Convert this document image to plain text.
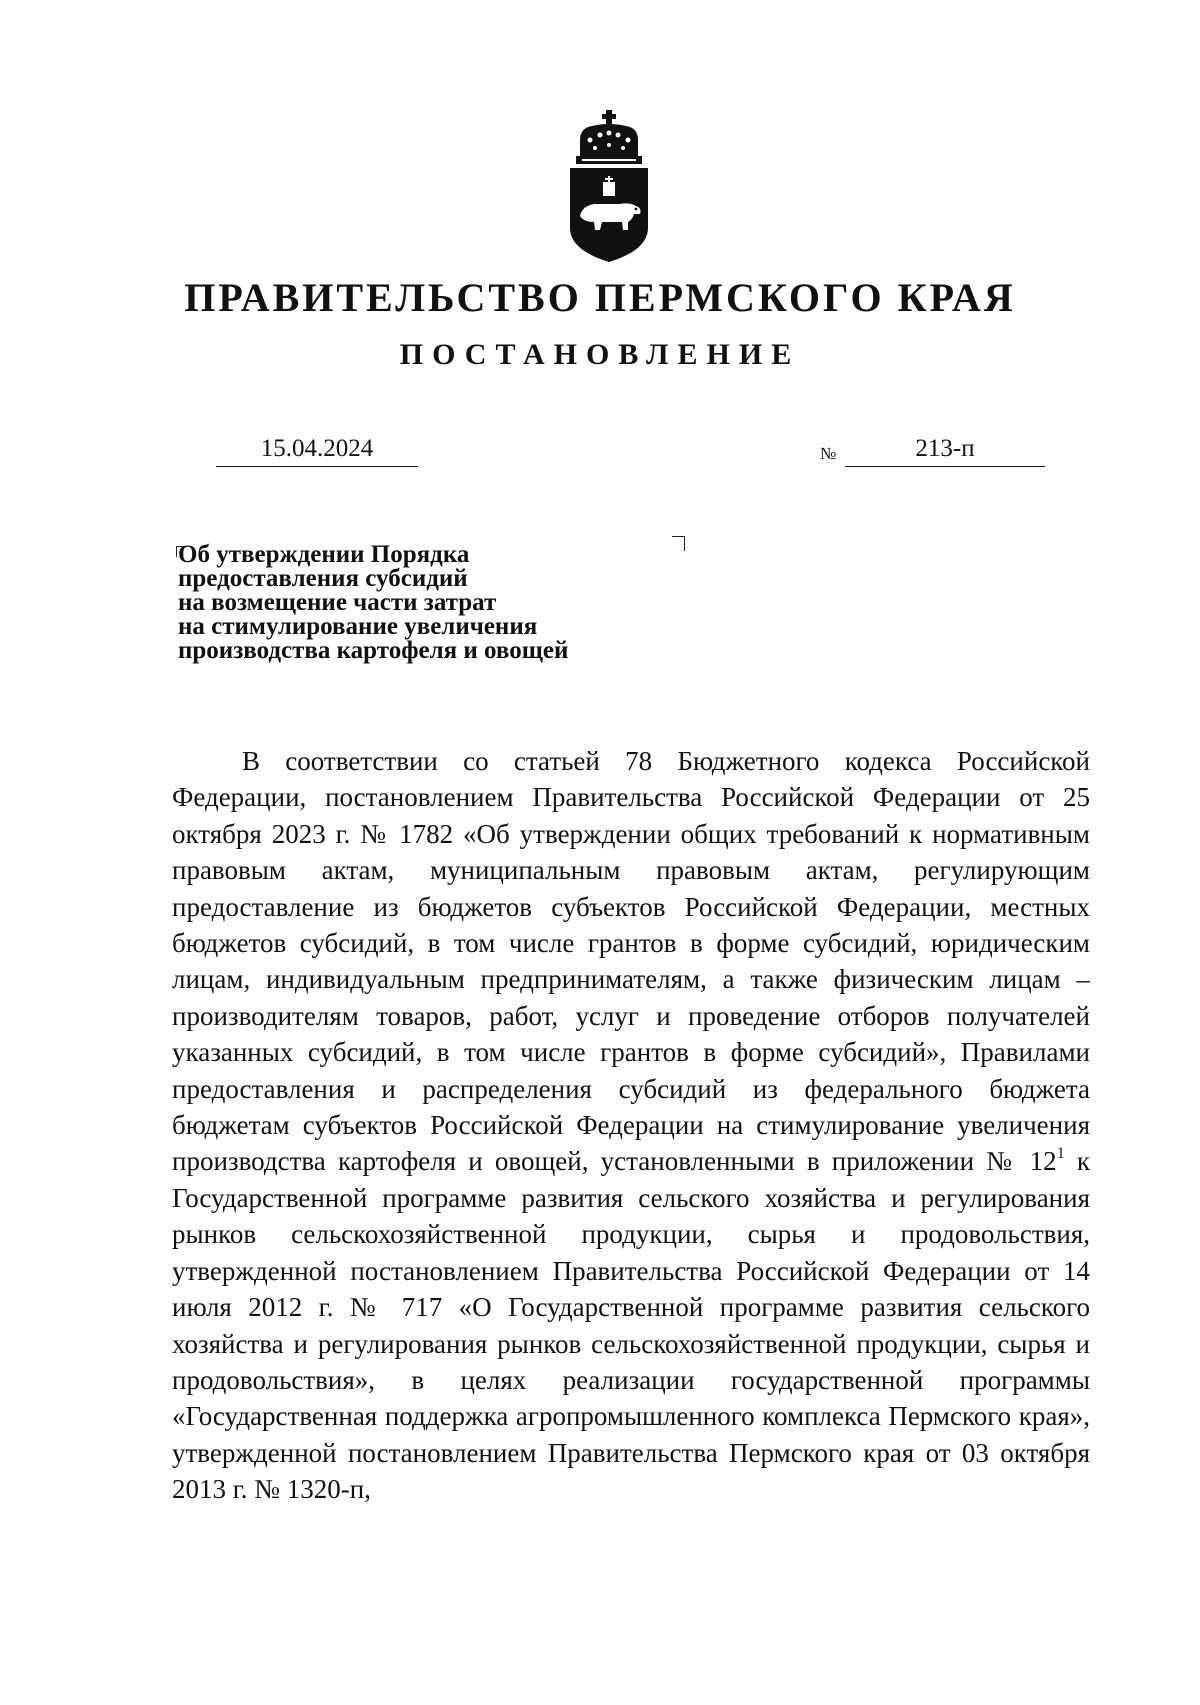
ПРАВИТЕЛЬСТВО ПЕРМСКОГО КРАЯ
ПОСТАНОВЛЕНИЕ
15.04.2024	№	213-п
Об утверждении Порядка
предоставления субсидий
на возмещение части затрат
на стимулирование увеличения
производства картофеля и овощей

В соответствии со статьей 78 Бюджетного кодекса Российской Федерации, постановлением Правительства Российской Федерации от 25 октября 2023 г. № 1782 «Об утверждении общих требований к нормативным правовым актам, муниципальным правовым актам, регулирующим предоставление из бюджетов субъектов Российской Федерации, местных бюджетов субсидий, в том числе грантов в форме субсидий, юридическим лицам, индивидуальным предпринимателям, а также физическим лицам – производителям товаров, работ, услуг и проведение отборов получателей указанных субсидий, в том числе грантов в форме субсидий», Правилами предоставления и распределения субсидий из федерального бюджета бюджетам субъектов Российской Федерации на стимулирование увеличения производства картофеля и овощей, установленными в приложении № $12^1$ к Государственной программе развития сельского хозяйства и регулирования рынков сельскохозяйственной продукции, сырья и продовольствия, утвержденной постановлением Правительства Российской Федерации от 14 июля 2012 г. № 717 «О Государственной программе развития сельского хозяйства и регулирования рынков сельскохозяйственной продукции, сырья и продовольствия», в целях реализации государственной программы «Государственная поддержка агропромышленного комплекса Пермского края», утвержденной постановлением Правительства Пермского края от 03 октября 2013 г. № 1320-п,
